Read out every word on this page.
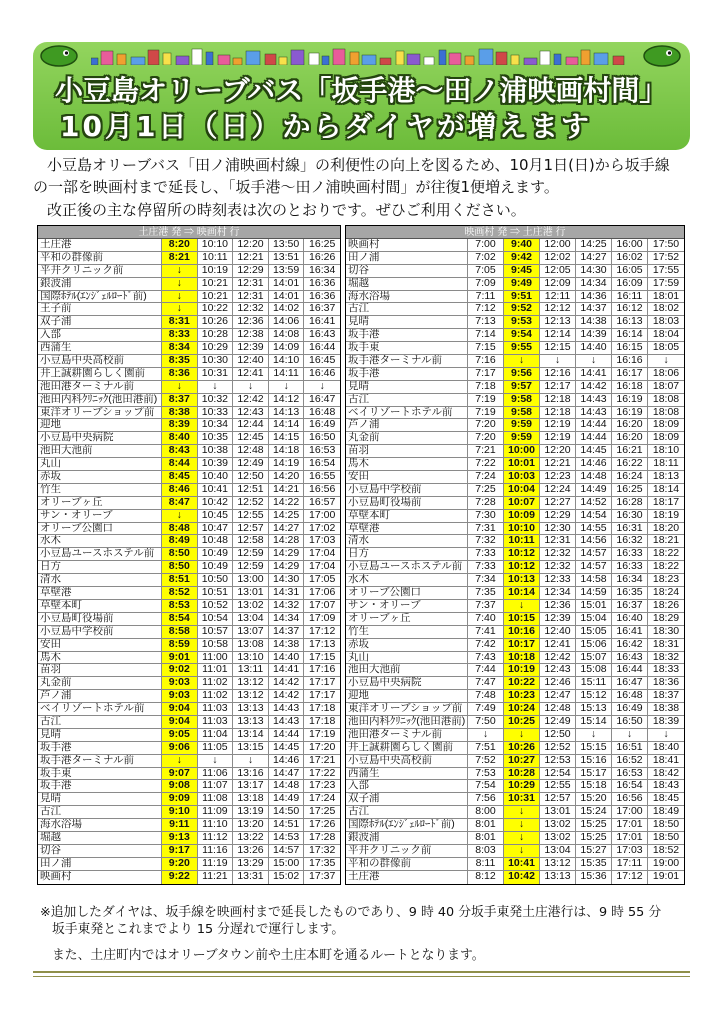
小豆島オリーブバス「坂手港～田ノ浦映画村間」
10月1日（日）からダイヤが増えます
小豆島オリーブバス「田ノ浦映画村線」の利便性の向上を図るため、10月1日(日)から坂手線
の一部を映画村まで延長し、「坂手港～田ノ浦映画村間」が往復1便増えます。
改正後の主な停留所の時刻表は次のとおりです。ぜひご利用ください。
土庄港 発 ⇒ 映画村 行
土庄港	8:20	10:10 12:20 13:50 16:25
平和の群像前	8:21	10:11 12:21 13:51 16:26
平井クリニック前	↓	10:19 12:29 13:59 16:34
銀波浦	↓	10:21 12:31 14:01 16:36
国際ﾎﾃﾙ(ｴﾝｼﾞｪﾙﾛｰﾄﾞ前)	↓	10:21 12:31 14:01 16:36
王子前	↓	10:22 12:32 14:02 16:37
双子浦	8:31	10:26 12:36 14:06 16:41
入部	8:33	10:28 12:38 14:08 16:43
西蒲生	8:34	10:29 12:39 14:09 16:44
小豆島中央高校前	8:35	10:30 12:40 14:10 16:45
井上誠耕園らしく園前	8:36	10:31 12:41 14:11 16:46
池田港ターミナル前	↓	↓	↓	↓	↓
池田内科ｸﾘﾆｯｸ(池田港前)	8:37	10:32 12:42 14:12 16:47
東洋オリーブショップ前	8:38	10:33 12:43 14:13 16:48
迎地	8:39	10:34 12:44 14:14 16:49
小豆島中央病院	8:40	10:35 12:45 14:15 16:50
池田大池前	8:43	10:38 12:48 14:18 16:53
丸山	8:44	10:39 12:49 14:19 16:54
赤坂	8:45	10:40 12:50 14:20 16:55
竹生	8:46	10:41 12:51 14:21 16:56
オリーブヶ丘	8:47	10:42 12:52 14:22 16:57
サン・オリーブ	↓	10:45 12:55 14:25 17:00
オリーブ公園口	8:48	10:47 12:57 14:27 17:02
水木	8:49	10:48 12:58 14:28 17:03
小豆島ユースホステル前	8:50	10:49 12:59 14:29 17:04
日方	8:50	10:49 12:59 14:29 17:04
清水	8:51	10:50 13:00 14:30 17:05
草壁港	8:52	10:51 13:01 14:31 17:06
草壁本町	8:53	10:52 13:02 14:32 17:07
小豆島町役場前	8:54	10:54 13:04 14:34 17:09
小豆島中学校前	8:58	10:57 13:07 14:37 17:12
安田	8:59	10:58 13:08 14:38 17:13
馬木	9:01	11:00 13:10 14:40 17:15
苗羽	9:02	11:01 13:11 14:41 17:16
丸金前	9:03	11:02 13:12 14:42 17:17
芦ノ浦	9:03	11:02 13:12 14:42 17:17
ベイリゾートホテル前	9:04	11:03 13:13 14:43 17:18
古江	9:04	11:03 13:13 14:43 17:18
見晴	9:05	11:04 13:14 14:44 17:19
坂手港	9:06	11:05 13:15 14:45 17:20
坂手港ターミナル前	↓	↓	↓	14:46 17:21
坂手東	9:07	11:06 13:16 14:47 17:22
坂手港	9:08	11:07 13:17 14:48 17:23
見晴	9:09	11:08 13:18 14:49 17:24
古江	9:10	11:09 13:19 14:50 17:25
海水浴場	9:11	11:10 13:20 14:51 17:26
堀越	9:13	11:12 13:22 14:53 17:28
切谷	9:17	11:16 13:26 14:57 17:32
田ノ浦	9:20	11:19 13:29 15:00 17:35
映画村	9:22	11:21 13:31 15:02 17:37
映画村 発 ⇒ 土庄港 行
映画村	7:00	9:40	12:00 14:25 16:00 17:50
田ノ浦	7:02	9:42	12:02 14:27 16:02 17:52
切谷	7:05	9:45	12:05 14:30 16:05 17:55
堀越	7:09	9:49	12:09 14:34 16:09 17:59
海水浴場	7:11	9:51	12:11 14:36 16:11	18:01
古江	7:12	9:52	12:12 14:37 16:12 18:02
見晴	7:13	9:53	12:13 14:38 16:13 18:03
坂手港	7:14	9:54	12:14 14:39 16:14 18:04
坂手東	7:15	9:55	12:15 14:40 16:15 18:05
坂手港ターミナル前	7:16	↓	↓	↓	16:16	↓
坂手港	7:17	9:56	12:16 14:41 16:17 18:06
見晴	7:18	9:57	12:17 14:42 16:18 18:07
古江	7:19	9:58	12:18 14:43 16:19 18:08
ベイリゾートホテル前	7:19	9:58	12:18 14:43 16:19 18:08
芦ノ浦	7:20	9:59	12:19 14:44 16:20 18:09
丸金前	7:20	9:59	12:19 14:44 16:20 18:09
苗羽	7:21	10:00 12:20 14:45 16:21 18:10
馬木	7:22	10:01 12:21 14:46 16:22	18:11
安田	7:24	10:03 12:23 14:48 16:24 18:13
小豆島中学校前	7:25	10:04 12:24 14:49 16:25 18:14
小豆島町役場前	7:28	10:07 12:27 14:52 16:28 18:17
草壁本町	7:30	10:09 12:29 14:54 16:30 18:19
草壁港	7:31	10:10 12:30 14:55 16:31 18:20
清水	7:32	10:11 12:31 14:56 16:32 18:21
日方	7:33	10:12 12:32 14:57 16:33 18:22
小豆島ユースホステル前	7:33	10:12 12:32 14:57 16:33 18:22
水木	7:34	10:13 12:33 14:58 16:34 18:23
オリーブ公園口	7:35	10:14 12:34 14:59 16:35 18:24
サン・オリーブ	7:37	↓	12:36 15:01 16:37 18:26
オリーブヶ丘	7:40	10:15 12:39 15:04 16:40 18:29
竹生	7:41	10:16 12:40 15:05 16:41 18:30
赤坂	7:42	10:17 12:41 15:06 16:42 18:31
丸山	7:43	10:18 12:42 15:07 16:43 18:32
池田大池前	7:44	10:19 12:43 15:08 16:44 18:33
小豆島中央病院	7:47	10:22 12:46 15:11 16:47 18:36
迎地	7:48	10:23 12:47 15:12 16:48 18:37
東洋オリーブショップ前	7:49	10:24 12:48 15:13 16:49 18:38
池田内科ｸﾘﾆｯｸ(池田港前) 7:50	10:25 12:49 15:14 16:50 18:39
池田港ターミナル前	↓	↓	12:50	↓	↓	↓
井上誠耕園らしく園前	7:51	10:26 12:52 15:15 16:51 18:40
小豆島中央高校前	7:52	10:27 12:53 15:16 16:52 18:41
西蒲生	7:53	10:28 12:54 15:17 16:53 18:42
入部	7:54	10:29 12:55 15:18 16:54 18:43
双子浦	7:56	10:31 12:57 15:20 16:56 18:45
古江	8:00	↓	13:01 15:24 17:00 18:49
国際ﾎﾃﾙ(ｴﾝｼﾞｪﾙﾛｰﾄﾞ前)	8:01	↓	13:02 15:25 17:01 18:50
銀波浦	8:01	↓	13:02 15:25 17:01 18:50
平井クリニック前	8:03	↓	13:04 15:27 17:03 18:52
平和の群像前	8:11	10:41 13:12 15:35 17:11	19:00
土庄港	8:12	10:42 13:13 15:36 17:12 19:01
※追加したダイヤは、坂手線を映画村まで延長したものであり、9 時 40 分坂手東発土庄港行は、9 時 55 分
坂手東発とこれまでより 15 分遅れで運行します。
また、土庄町内ではオリーブタウン前や土庄本町を通るルートとなります。
